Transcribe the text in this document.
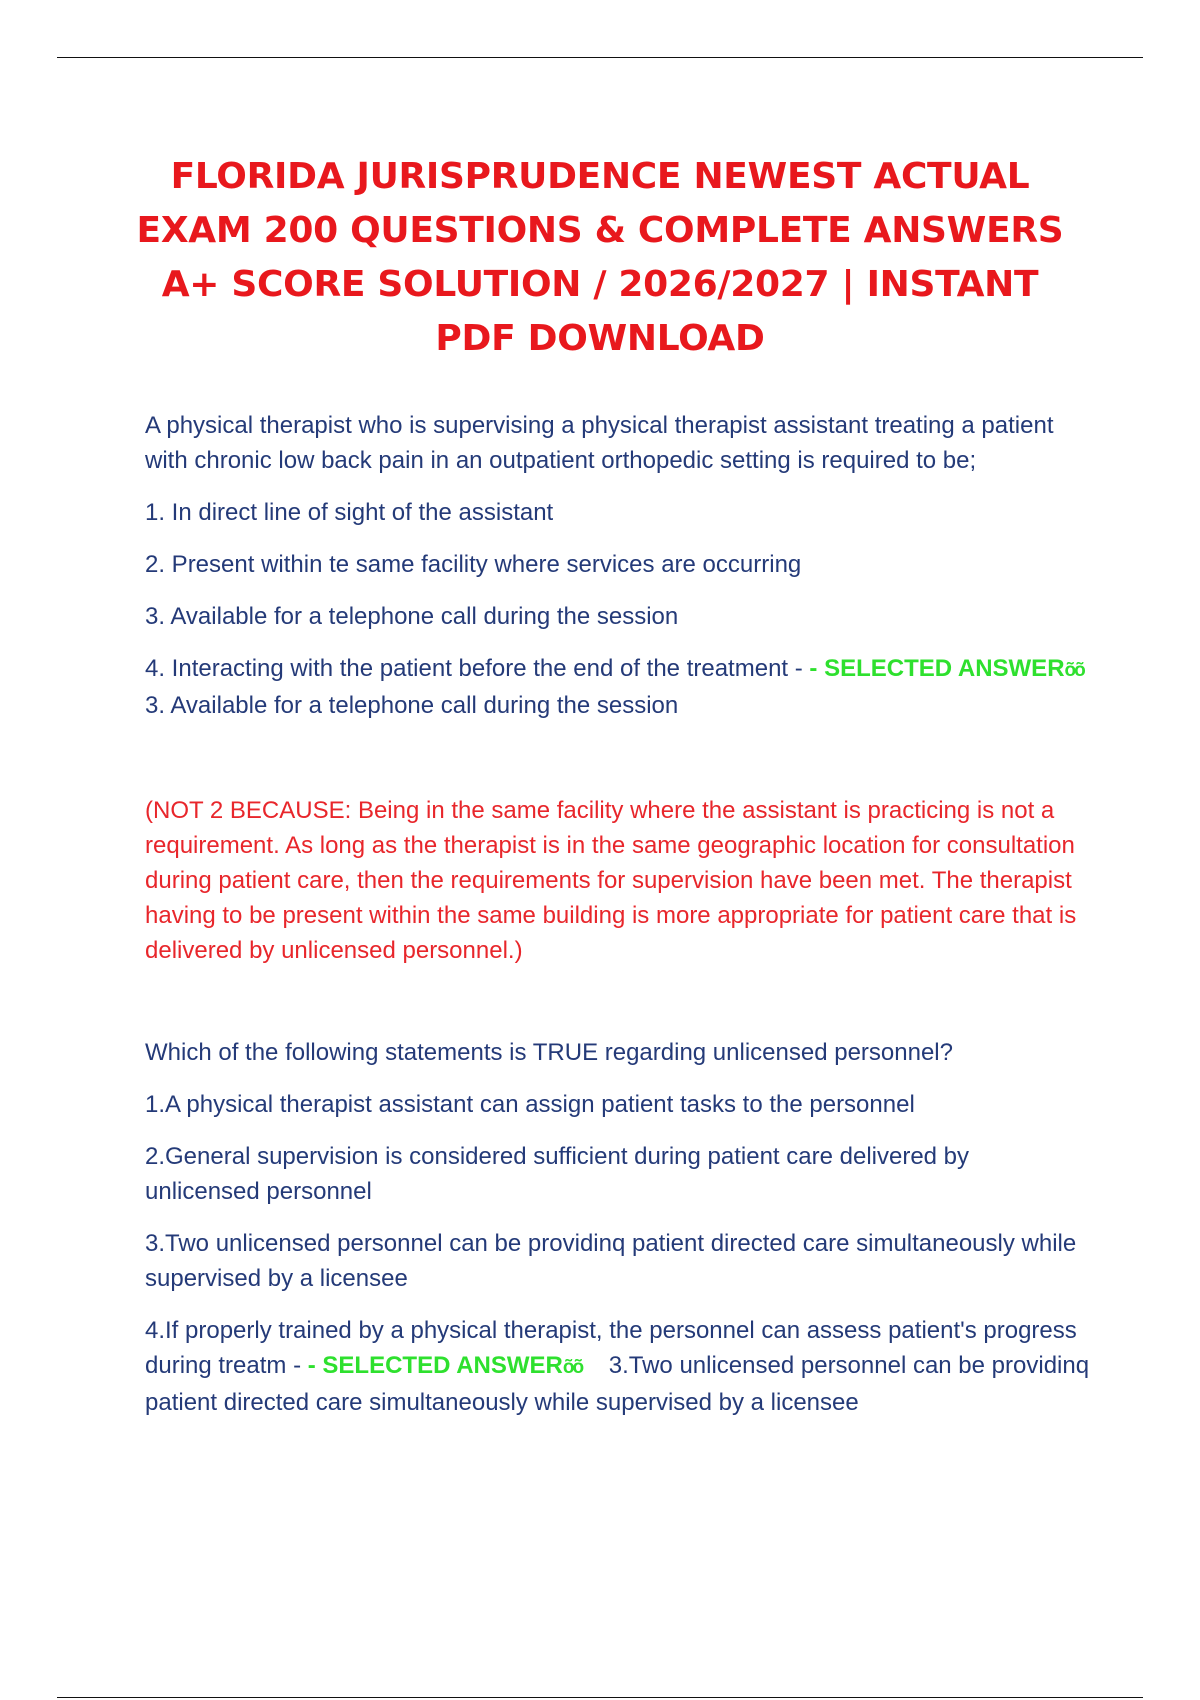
FLORIDA JURISPRUDENCE NEWEST ACTUAL EXAM 200 QUESTIONS & COMPLETE ANSWERS A+ SCORE SOLUTION / 2026/2027 | INSTANT PDF DOWNLOAD

A physical therapist who is supervising a physical therapist assistant treating a patient with chronic low back pain in an outpatient orthopedic setting is required to be;

1. In direct line of sight of the assistant

2. Present within te same facility where services are occurring

3. Available for a telephone call during the session

4. Interacting with the patient before the end of the treatment - - SELECTED ANSWERõõ

3. Available for a telephone call during the session

(NOT 2 BECAUSE: Being in the same facility where the assistant is practicing is not a requirement. As long as the therapist is in the same geographic location for consultation during patient care, then the requirements for supervision have been met. The therapist having to be present within the same building is more appropriate for patient care that is delivered by unlicensed personnel.)

Which of the following statements is TRUE regarding unlicensed personnel?

1.A physical therapist assistant can assign patient tasks to the personnel

2.General supervision is considered sufficient during patient care delivered by unlicensed personnel

3.Two unlicensed personnel can be providinq patient directed care simultaneously while supervised by a licensee

4.If properly trained by a physical therapist, the personnel can assess patient's progress during treatm - - SELECTED ANSWERõõ 3.Two unlicensed personnel can be providinq patient directed care simultaneously while supervised by a licensee
